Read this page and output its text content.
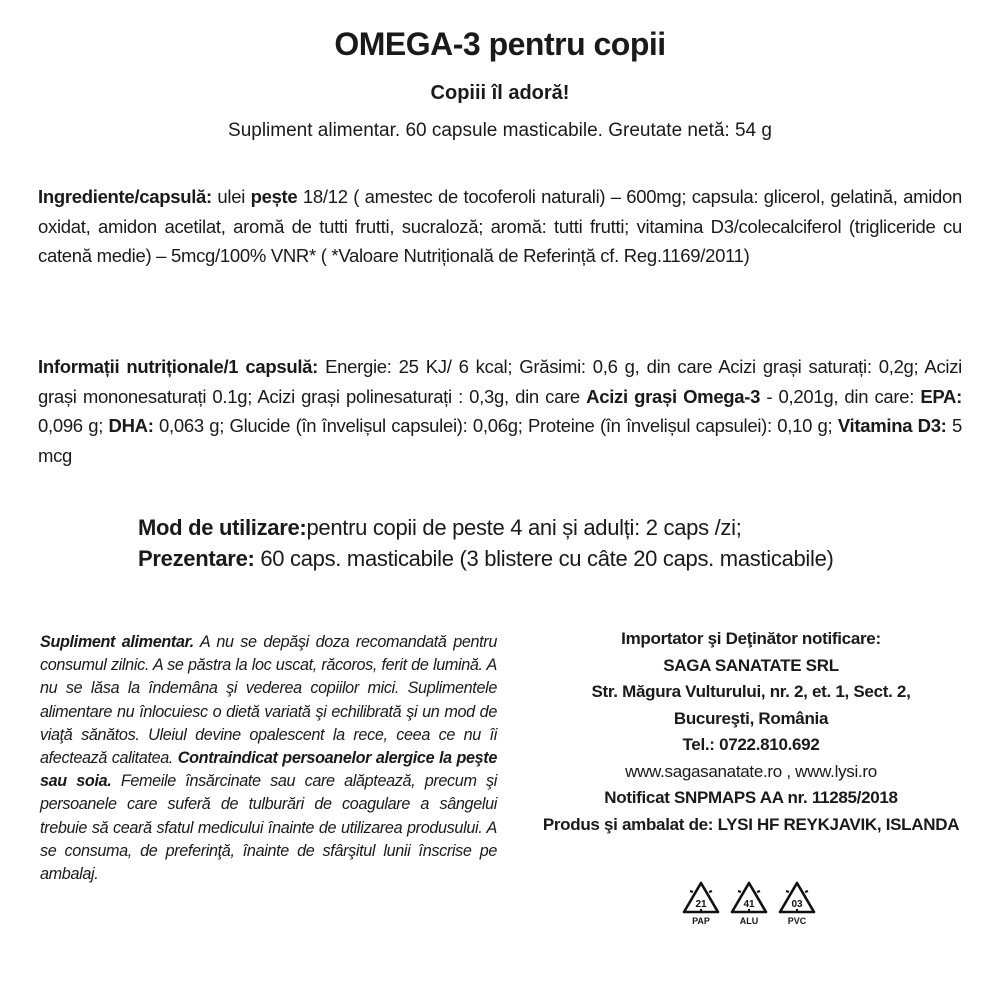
OMEGA-3 pentru copii
Copiii îl adoră!
Supliment alimentar. 60 capsule masticabile. Greutate netă: 54 g
Ingrediente/capsulă: ulei pește 18/12 ( amestec de tocoferoli naturali) – 600mg; capsula: glicerol, gelatină, amidon oxidat, amidon acetilat, aromă de tutti frutti, sucraloză; aromă: tutti frutti; vitamina D3/colecalciferol (trigliceride cu catenă medie) – 5mcg/100% VNR* ( *Valoare Nutrițională de Referință cf. Reg.1169/2011)
Informații nutriționale/1 capsulă: Energie: 25 KJ/ 6 kcal; Grăsimi: 0,6 g, din care Acizi grași saturați: 0,2g; Acizi grași mononesaturați 0.1g; Acizi grași polinesaturați : 0,3g, din care Acizi grași Omega-3 - 0,201g, din care: EPA: 0,096 g; DHA: 0,063 g; Glucide (în învelișul capsulei): 0,06g; Proteine (în învelișul capsulei): 0,10 g; Vitamina D3: 5 mcg
Mod de utilizare:pentru copii de peste 4 ani și adulți: 2 caps /zi;
Prezentare: 60 caps. masticabile (3 blistere cu câte 20 caps. masticabile)
Supliment alimentar. A nu se depăşi doza recomandată pentru consumul zilnic. A se păstra la loc uscat, răcoros, ferit de lumină. A nu se lăsa la îndemâna şi vederea copiilor mici. Suplimentele alimentare nu înlocuiesc o dietă variată şi echilibrată şi un mod de viaţă sănătos. Uleiul devine opalescent la rece, ceea ce nu îi afectează calitatea. Contraindicat persoanelor alergice la peşte sau soia. Femeile însărcinate sau care alăptează, precum şi persoanele care suferă de tulburări de coagulare a sângelui trebuie să ceară sfatul medicului înainte de utilizarea produsului. A se consuma, de preferinţă, înainte de sfârşitul lunii înscrise pe ambalaj.
Importator şi Deţinător notificare:
SAGA SANATATE SRL
Str. Măgura Vulturului, nr. 2, et. 1, Sect. 2,
Bucureşti, România
Tel.: 0722.810.692
www.sagasanatate.ro , www.lysi.ro
Notificat SNPMAPS AA nr. 11285/2018
Produs şi ambalat de: LYSI HF REYKJAVIK, ISLANDA
21
PAP
41
ALU
03
PVC
